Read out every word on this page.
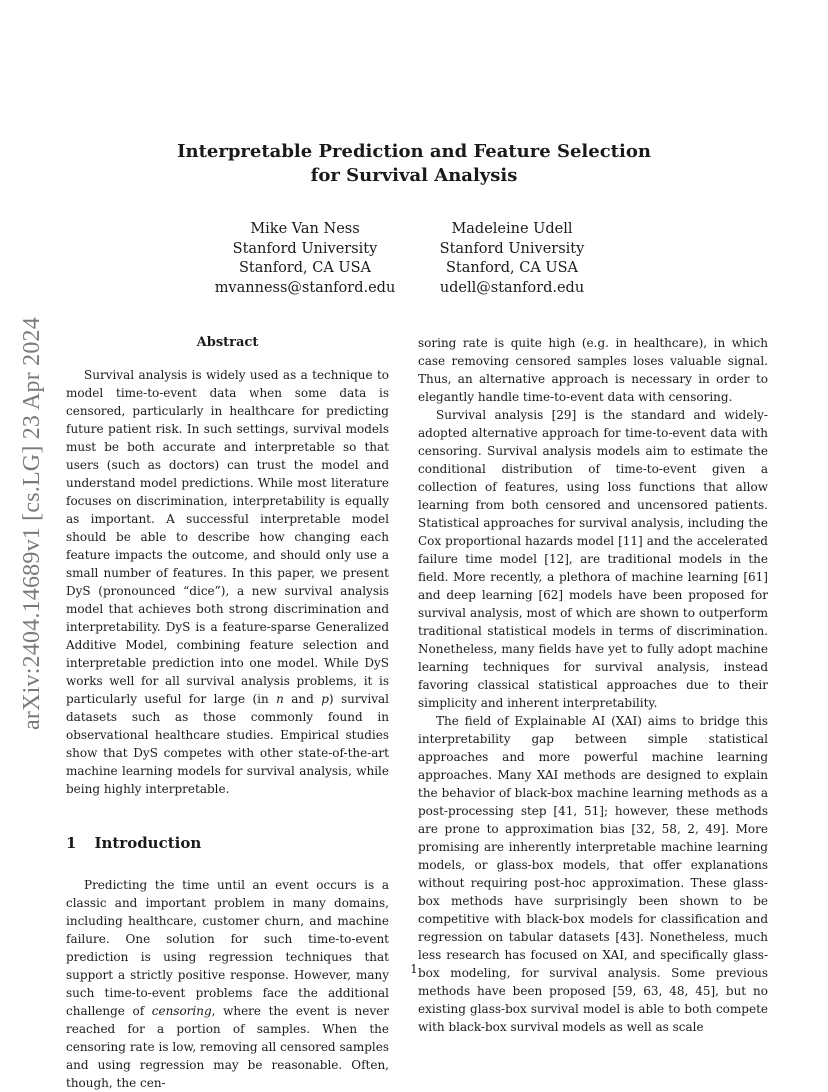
arXiv:2404.14689v1 [cs.LG] 23 Apr 2024
Interpretable Prediction and Feature Selection
for Survival Analysis
Mike Van Ness
Stanford University
Stanford, CA USA
mvanness@stanford.edu
Madeleine Udell
Stanford University
Stanford, CA USA
udell@stanford.edu
Abstract

Survival analysis is widely used as a technique to model time-to-event data when some data is censored, particularly in healthcare for predicting future patient risk. In such settings, survival models must be both accurate and interpretable so that users (such as doctors) can trust the model and understand model predictions. While most literature focuses on discrimination, interpretability is equally as important. A successful interpretable model should be able to describe how changing each feature impacts the outcome, and should only use a small number of features. In this paper, we present DyS (pronounced “dice”), a new survival analysis model that achieves both strong discrimination and interpretability. DyS is a feature-sparse Generalized Additive Model, combining feature selection and interpretable prediction into one model. While DyS works well for all survival analysis problems, it is particularly useful for large (in n and p) survival datasets such as those commonly found in observational healthcare studies. Empirical studies show that DyS competes with other state-of-the-art machine learning models for survival analysis, while being highly interpretable.

1 Introduction

Predicting the time until an event occurs is a classic and important problem in many domains, including healthcare, customer churn, and machine failure. One solution for such time-to-event prediction is using regression techniques that support a strictly positive response. However, many such time-to-event problems face the additional challenge of censoring, where the event is never reached for a portion of samples. When the censoring rate is low, removing all censored samples and using regression may be reasonable. Often, though, the cen-

soring rate is quite high (e.g. in healthcare), in which case removing censored samples loses valuable signal. Thus, an alternative approach is necessary in order to elegantly handle time-to-event data with censoring.

Survival analysis [29] is the standard and widely-adopted alternative approach for time-to-event data with censoring. Survival analysis models aim to estimate the conditional distribution of time-to-event given a collection of features, using loss functions that allow learning from both censored and uncensored patients. Statistical approaches for survival analysis, including the Cox proportional hazards model [11] and the accelerated failure time model [12], are traditional models in the field. More recently, a plethora of machine learning [61] and deep learning [62] models have been proposed for survival analysis, most of which are shown to outperform traditional statistical models in terms of discrimination. Nonetheless, many fields have yet to fully adopt machine learning techniques for survival analysis, instead favoring classical statistical approaches due to their simplicity and inherent interpretability.

The field of Explainable AI (XAI) aims to bridge this interpretability gap between simple statistical approaches and more powerful machine learning approaches. Many XAI methods are designed to explain the behavior of black-box machine learning methods as a post-processing step [41, 51]; however, these methods are prone to approximation bias [32, 58, 2, 49]. More promising are inherently interpretable machine learning models, or glass-box models, that offer explanations without requiring post-hoc approximation. These glass-box methods have surprisingly been shown to be competitive with black-box models for classification and regression on tabular datasets [43]. Nonetheless, much less research has focused on XAI, and specifically glass-box modeling, for survival analysis. Some previous methods have been proposed [59, 63, 48, 45], but no existing glass-box survival model is able to both compete with black-box survival models as well as scale

1
